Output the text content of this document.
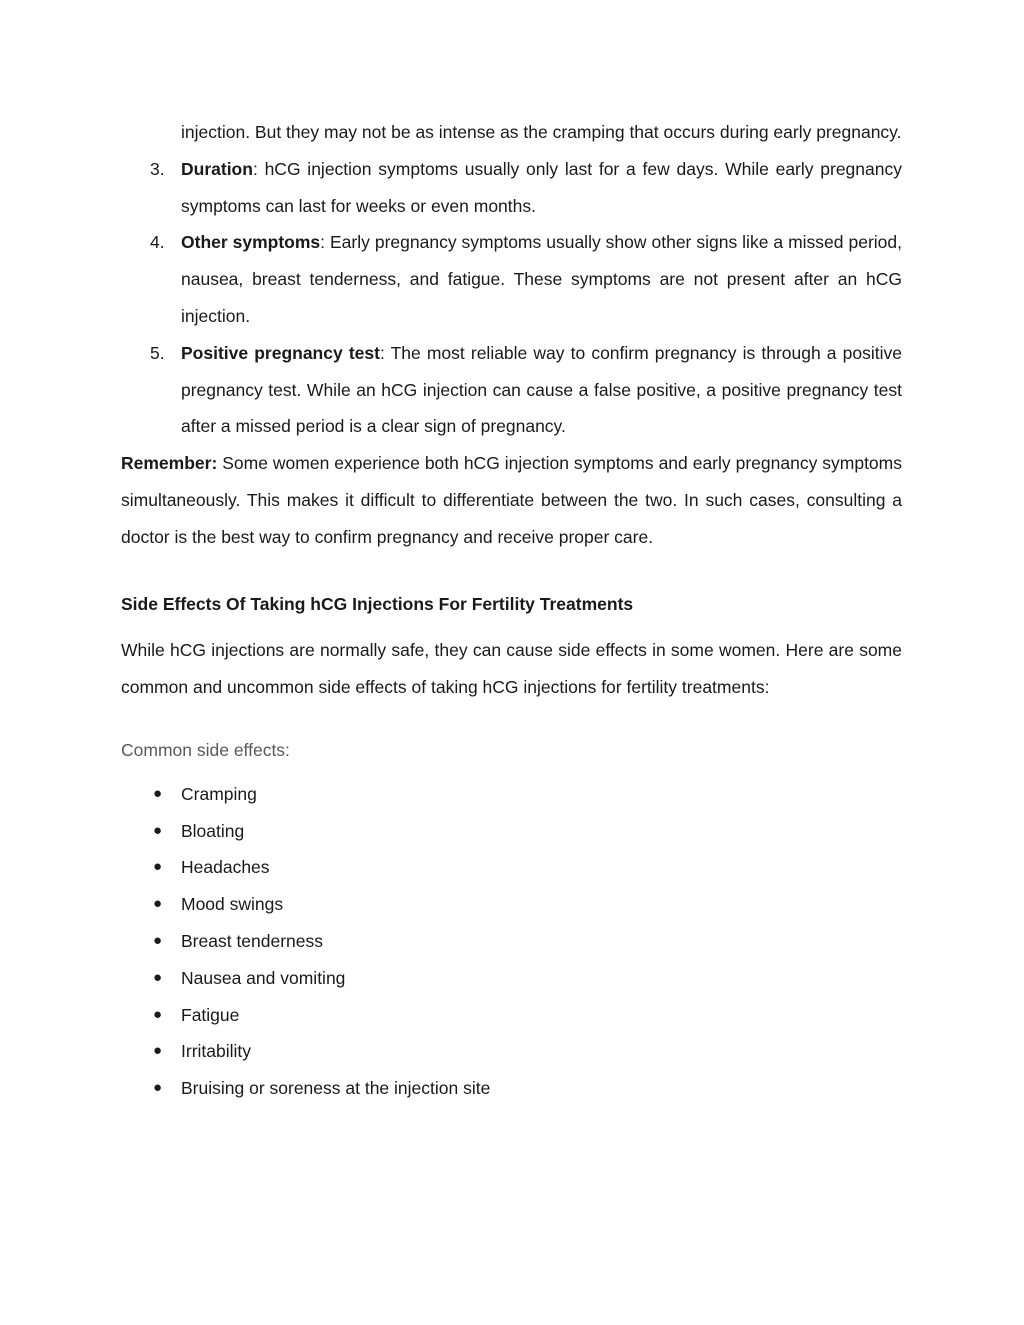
injection. But they may not be as intense as the cramping that occurs during early pregnancy.

3. Duration: hCG injection symptoms usually only last for a few days. While early pregnancy symptoms can last for weeks or even months.
4. Other symptoms: Early pregnancy symptoms usually show other signs like a missed period, nausea, breast tenderness, and fatigue. These symptoms are not present after an hCG injection.
5. Positive pregnancy test: The most reliable way to confirm pregnancy is through a positive pregnancy test. While an hCG injection can cause a false positive, a positive pregnancy test after a missed period is a clear sign of pregnancy.

Remember: Some women experience both hCG injection symptoms and early pregnancy symptoms simultaneously. This makes it difficult to differentiate between the two. In such cases, consulting a doctor is the best way to confirm pregnancy and receive proper care.

Side Effects Of Taking hCG Injections For Fertility Treatments

While hCG injections are normally safe, they can cause side effects in some women. Here are some common and uncommon side effects of taking hCG injections for fertility treatments:

Common side effects:
● Cramping
● Bloating
● Headaches
● Mood swings
● Breast tenderness
● Nausea and vomiting
● Fatigue
● Irritability
● Bruising or soreness at the injection site
